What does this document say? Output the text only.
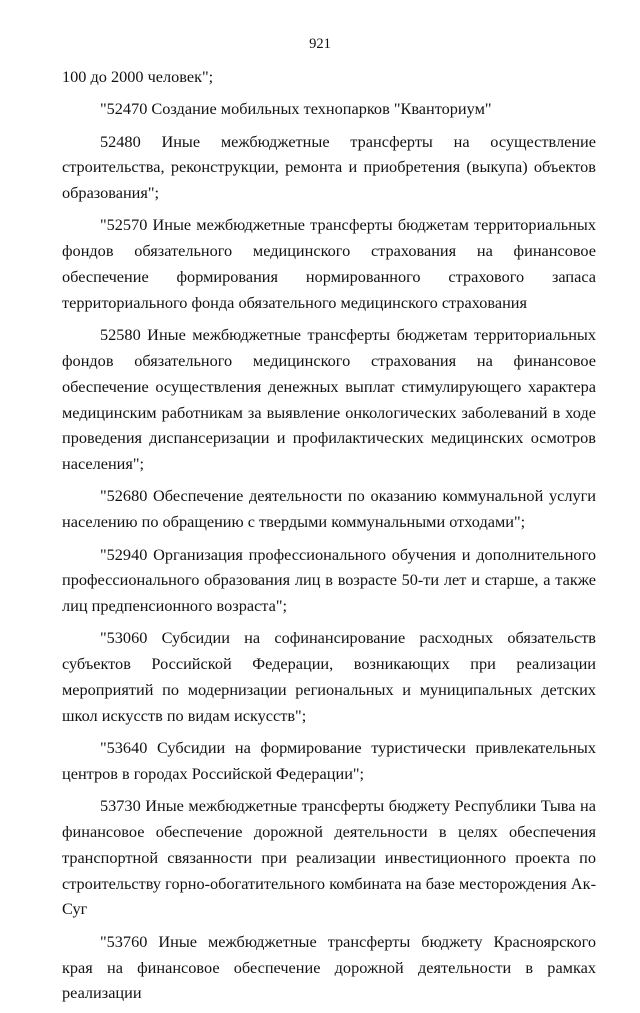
921

100 до 2000 человек";

"52470 Создание мобильных технопарков "Кванториум"

52480 Иные межбюджетные трансферты на осуществление строительства, реконструкции, ремонта и приобретения (выкупа) объектов образования";

"52570 Иные межбюджетные трансферты бюджетам территориальных фондов обязательного медицинского страхования на финансовое обеспечение формирования нормированного страхового запаса территориального фонда обязательного медицинского страхования

52580 Иные межбюджетные трансферты бюджетам территориальных фондов обязательного медицинского страхования на финансовое обеспечение осуществления денежных выплат стимулирующего характера медицинским работникам за выявление онкологических заболеваний в ходе проведения диспансеризации и профилактических медицинских осмотров населения";

"52680 Обеспечение деятельности по оказанию коммунальной услуги населению по обращению с твердыми коммунальными отходами";

"52940 Организация профессионального обучения и дополнительного профессионального образования лиц в возрасте 50-ти лет и старше, а также лиц предпенсионного возраста";

"53060 Субсидии на софинансирование расходных обязательств субъектов Российской Федерации, возникающих при реализации мероприятий по модернизации региональных и муниципальных детских школ искусств по видам искусств";

"53640 Субсидии на формирование туристически привлекательных центров в городах Российской Федерации";

53730 Иные межбюджетные трансферты бюджету Республики Тыва на финансовое обеспечение дорожной деятельности в целях обеспечения транспортной связанности при реализации инвестиционного проекта по строительству горно-обогатительного комбината на базе месторождения Ак-Суг

"53760 Иные межбюджетные трансферты бюджету Красноярского края на финансовое обеспечение дорожной деятельности в рамках реализации
